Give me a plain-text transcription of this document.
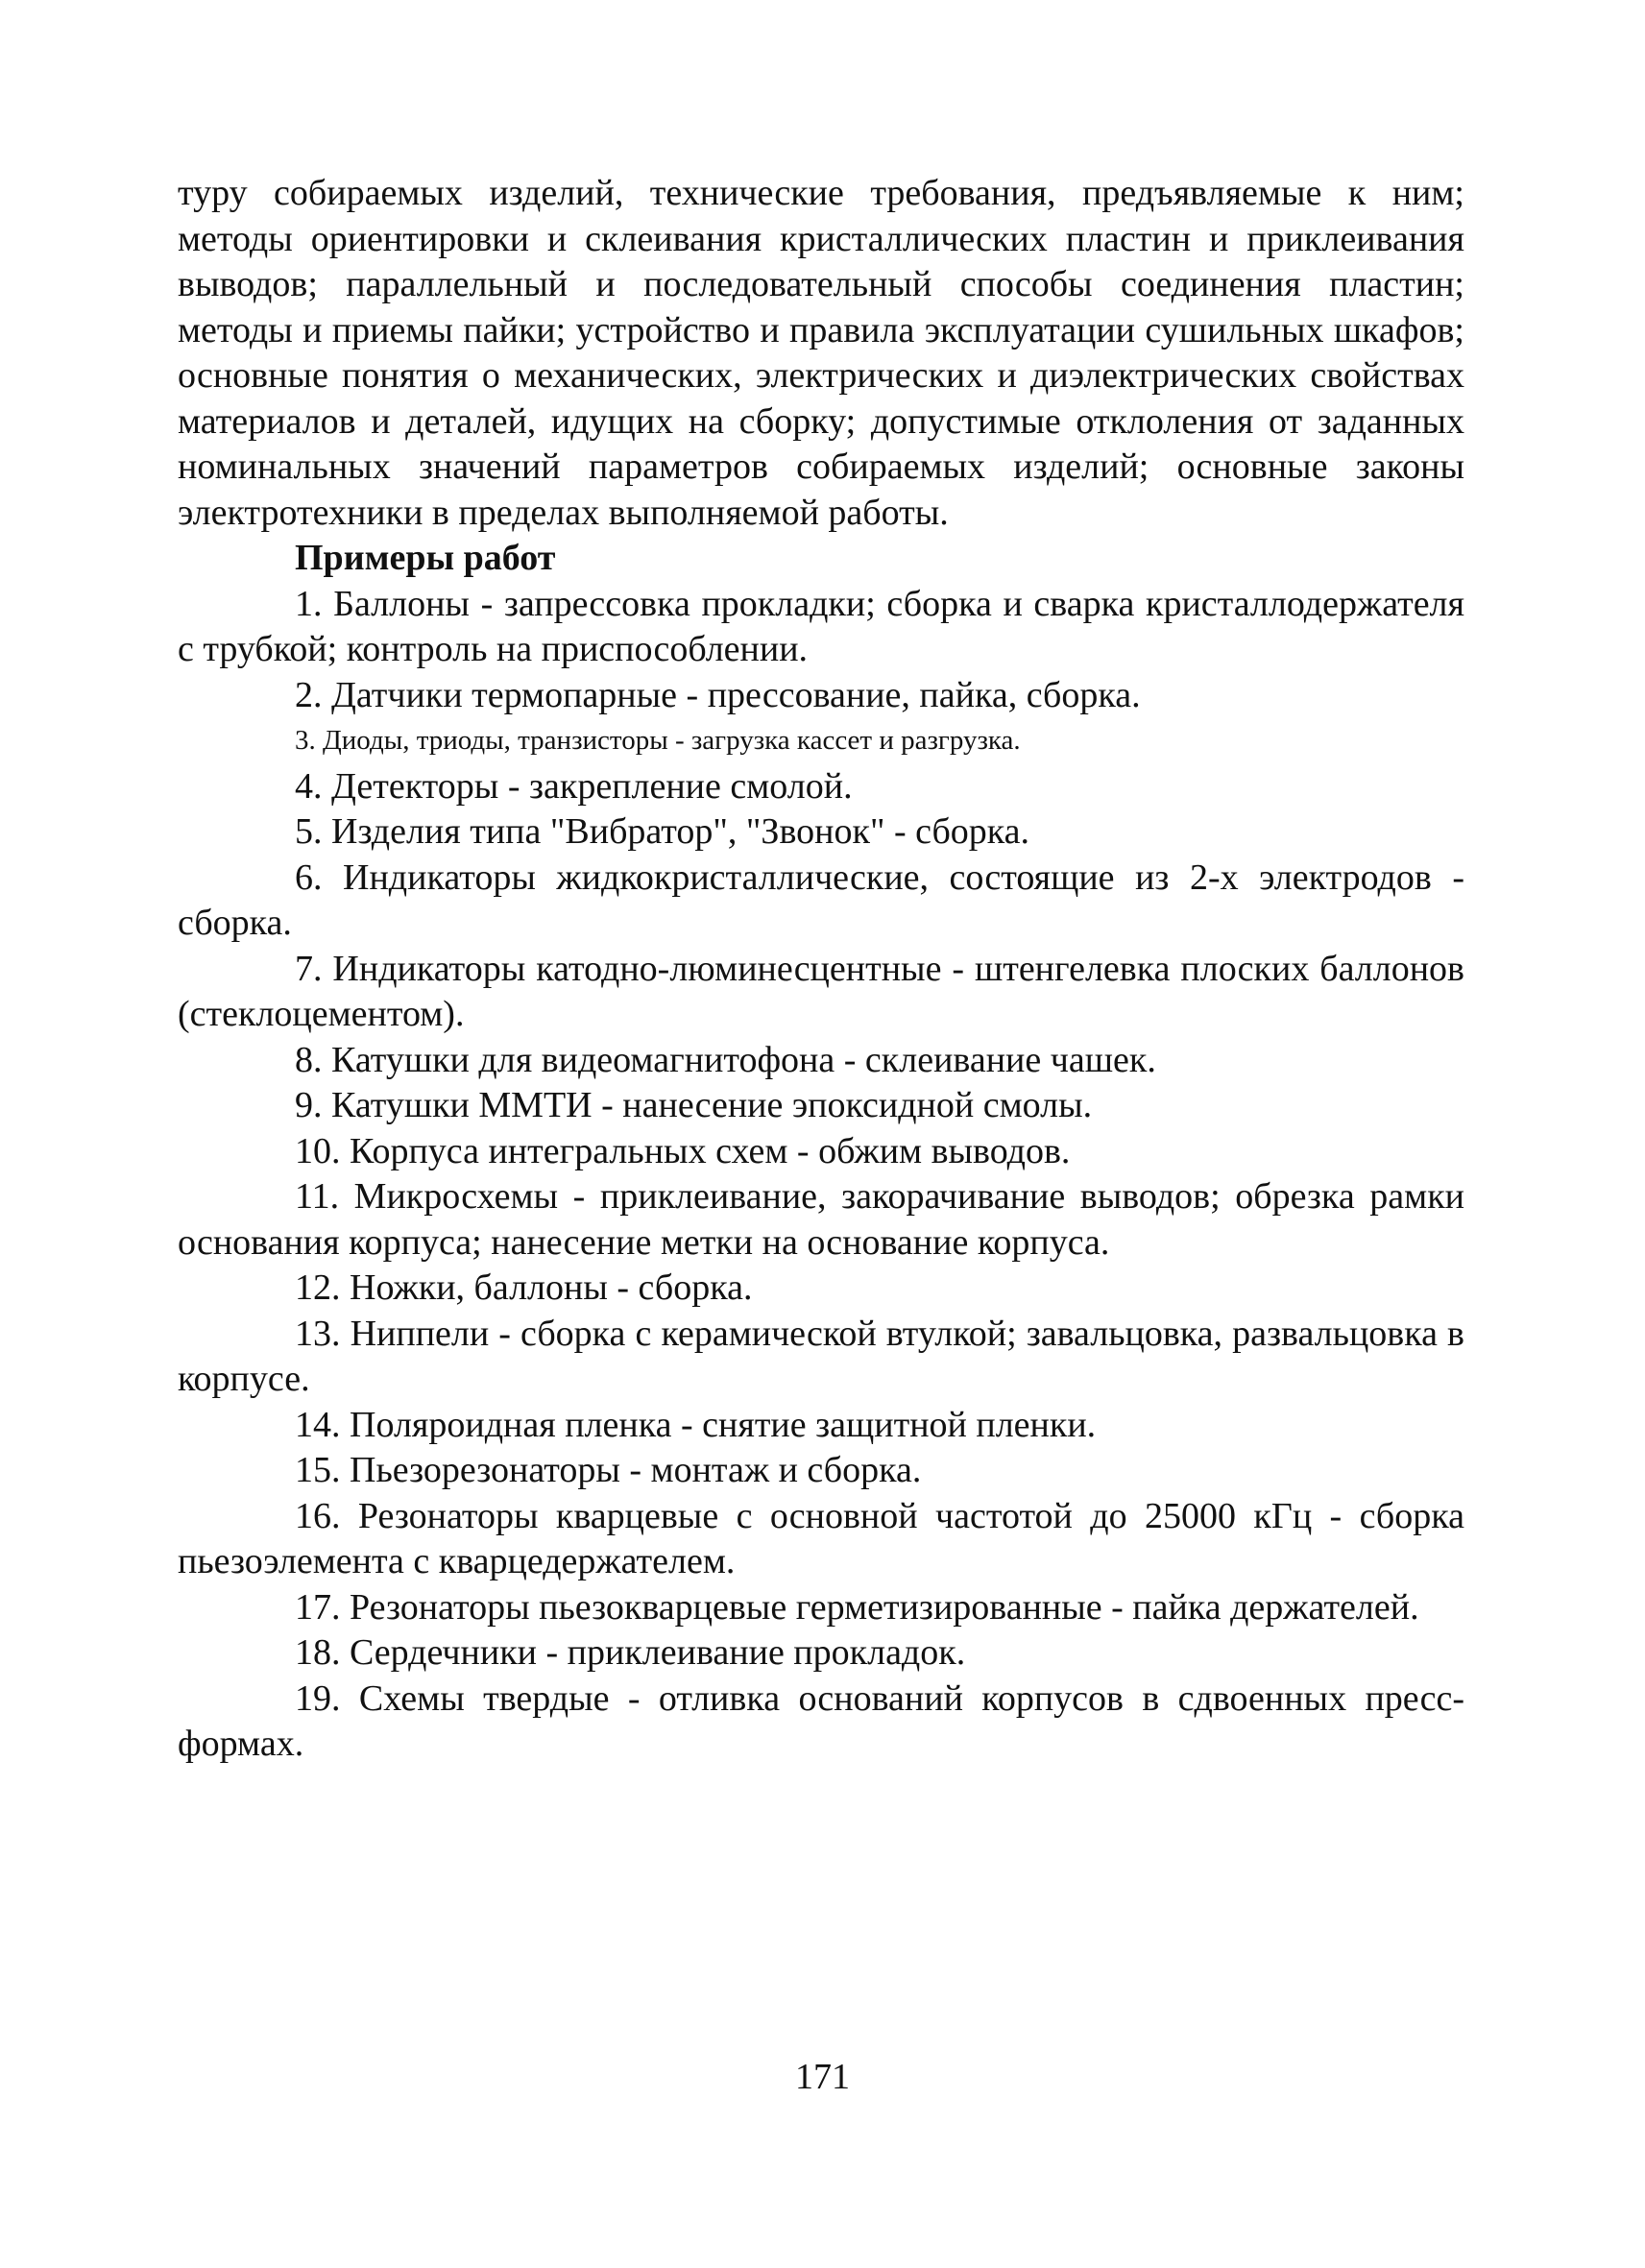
туру собираемых изделий, технические требования, предъявляемые к ним; методы ориентировки и склеивания кристаллических пластин и приклеивания выводов; параллельный и последовательный способы соединения пластин; методы и приемы пайки; устройство и правила эксплуатации сушильных шкафов; основные понятия о механических, электрических и диэлектрических свойствах материалов и деталей, идущих на сборку; допустимые отклоления от заданных номинальных значений параметров собираемых изделий; основные законы электротехники в пределах выполняемой работы.

Примеры работ

1. Баллоны - запрессовка прокладки; сборка и сварка кристаллодержателя с трубкой; контроль на приспособлении.

2. Датчики термопарные - прессование, пайка, сборка.

3. Диоды, триоды, транзисторы - загрузка кассет и разгрузка.

4. Детекторы - закрепление смолой.

5. Изделия типа "Вибратор", "Звонок" - сборка.

6. Индикаторы жидкокристаллические, состоящие из 2-х электродов - сборка.

7. Индикаторы катодно-люминесцентные - штенгелевка плоских баллонов (стеклоцементом).

8. Катушки для видеомагнитофона - склеивание чашек.

9. Катушки ММТИ - нанесение эпоксидной смолы.

10. Корпуса интегральных схем - обжим выводов.

11. Микросхемы - приклеивание, закорачивание выводов; обрезка рамки основания корпуса; нанесение метки на основание корпуса.

12. Ножки, баллоны - сборка.

13. Ниппели - сборка с керамической втулкой; завальцовка, развальцовка в корпусе.

14. Поляроидная пленка - снятие защитной пленки.

15. Пьезорезонаторы - монтаж и сборка.

16. Резонаторы кварцевые с основной частотой до 25000 кГц - сборка пьезоэлемента с кварцедержателем.

17. Резонаторы пьезокварцевые герметизированные - пайка держателей.

18. Сердечники - приклеивание прокладок.

19. Схемы твердые - отливка оснований корпусов в сдвоенных пресс-формах.

171
